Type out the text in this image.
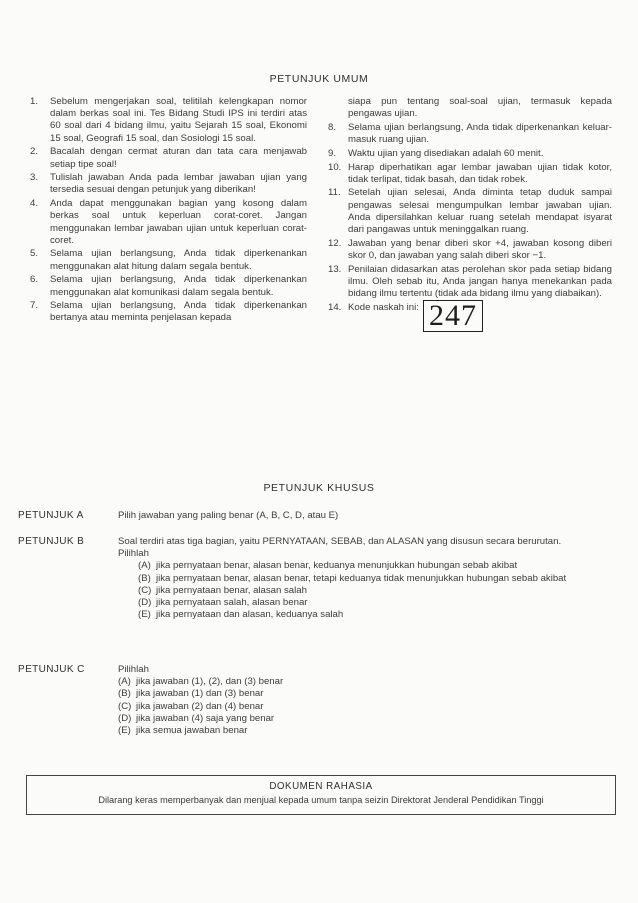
PETUNJUK UMUM
1.	Sebelum mengerjakan soal, telitilah kelengkapan nomor dalam berkas soal ini. Tes Bidang Studi IPS ini terdiri atas 60 soal dari 4 bidang ilmu, yaitu Sejarah 15 soal, Ekonomi 15 soal, Geografi 15 soal, dan Sosiologi 15 soal.
2.	Bacalah dengan cermat aturan dan tata cara menjawab setiap tipe soal!
3.	Tulislah jawaban Anda pada lembar jawaban ujian yang tersedia sesuai dengan petunjuk yang diberikan!
4.	Anda dapat menggunakan bagian yang kosong dalam berkas soal untuk keperluan corat-coret. Jangan menggunakan lembar jawaban ujian untuk keperluan corat-coret.
5.	Selama ujian berlangsung, Anda tidak diperkenankan menggunakan alat hitung dalam segala bentuk.
6.	Selama ujian berlangsung, Anda tidak diperkenankan menggunakan alat komunikasi dalam segala bentuk.
7.	Selama ujian berlangsung, Anda tidak diperkenankan bertanya atau meminta penjelasan kepada
siapa pun tentang soal-soal ujian, termasuk kepada pengawas ujian.
8.	Selama ujian berlangsung, Anda tidak diperkenankan keluar-masuk ruang ujian.
9.	Waktu ujian yang disediakan adalah 60 menit.
10. Harap diperhatikan agar lembar jawaban ujian tidak kotor, tidak terlipat, tidak basah, dan tidak robek.
11. Setelah ujian selesai, Anda diminta tetap duduk sampai pengawas selesai mengumpulkan lembar jawaban ujian. Anda dipersilahkan keluar ruang setelah mendapat isyarat dari pangawas untuk meninggalkan ruang.
12. Jawaban yang benar diberi skor +4, jawaban kosong diberi skor 0, dan jawaban yang salah diberi skor −1.
13. Penilaian didasarkan atas perolehan skor pada setiap bidang ilmu. Oleh sebab itu, Anda jangan hanya menekankan pada bidang ilmu tertentu (tidak ada bidang ilmu yang diabaikan).
14. Kode naskah ini: 247
PETUNJUK KHUSUS
PETUNJUK A	Pilih jawaban yang paling benar (A, B, C, D, atau E)
PETUNJUK B	Soal terdiri atas tiga bagian, yaitu PERNYATAAN, SEBAB, dan ALASAN yang disusun secara berurutan. Pilihlah
(A) jika pernyataan benar, alasan benar, keduanya menunjukkan hubungan sebab akibat
(B) jika pernyataan benar, alasan benar, tetapi keduanya tidak menunjukkan hubungan sebab akibat
(C) jika pernyataan benar, alasan salah
(D) jika pernyataan salah, alasan benar
(E) jika pernyataan dan alasan, keduanya salah
PETUNJUK C	Pilihlah
(A) jika jawaban (1), (2), dan (3) benar
(B) jika jawaban (1) dan (3) benar
(C) jika jawaban (2) dan (4) benar
(D) jika jawaban (4) saja yang benar
(E) jika semua jawaban benar
DOKUMEN RAHASIA
Dilarang keras memperbanyak dan menjual kepada umum tanpa seizin Direktorat Jenderal Pendidikan Tinggi
